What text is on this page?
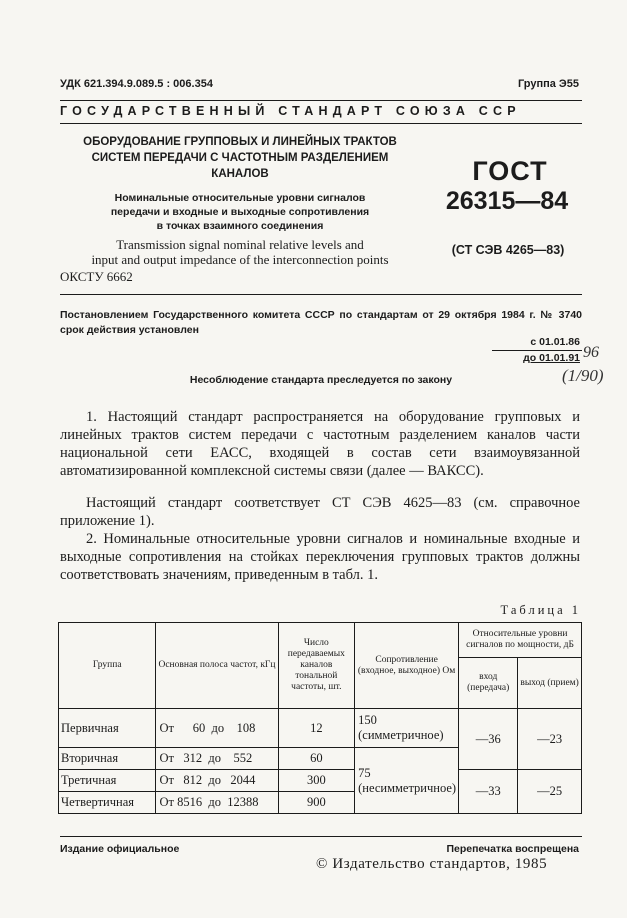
УДК 621.394.9.089.5 : 006.354	Группа Э55
ГОСУДАРСТВЕННЫЙ СТАНДАРТ СОЮЗА ССР
ОБОРУДОВАНИЕ ГРУППОВЫХ И ЛИНЕЙНЫХ ТРАКТОВ
СИСТЕМ ПЕРЕДАЧИ С ЧАСТОТНЫМ РАЗДЕЛЕНИЕМ
КАНАЛОВ
Номинальные относительные уровни сигналов
передачи и входные и выходные сопротивления
в точках взаимного соединения
Transmission signal nominal relative levels and
input and output impedance of the interconnection points
ОКСТУ 6662
ГОСТ
26315—84
(СТ СЭВ 4265—83)
Постановлением Государственного комитета СССР по стандартам от 29 октября 1984 г. № 3740 срок действия установлен
с 01.01.86
до 01.01.91 96
(1/90)
Несоблюдение стандарта преследуется по закону
1. Настоящий стандарт распространяется на оборудование групповых и линейных трактов систем передачи с частотным разделением каналов части национальной сети ЕАСС, входящей в состав сети взаимоувязанной автоматизированной комплексной системы связи (далее — ВАКСС).
Настоящий стандарт соответствует СТ СЭВ 4625—83 (см. справочное приложение 1).
2. Номинальные относительные уровни сигналов и номинальные входные и выходные сопротивления на стойках переключения групповых трактов должны соответствовать значениям, приведенным в табл. 1.
Таблица 1
Группа	Основная полоса частот, кГц	Число передаваемых каналов тональной частоты, шт.	Сопротивление (входное, выходное) Ом	Относительные уровни сигналов по мощности, дБ	
				вход (передача)	выход (прием)
Первичная	От 60 до 108	12	150 (симметричное)	—36	—23
Вторичная	От 312 до 552	60	75 (несимметричное)		
Третичная	От 812 до 2044	300		—33	—25
Четвертичная	От 8516 до 12388	900			
Издание официальное	Перепечатка воспрещена
© Издательство стандартов, 1985
